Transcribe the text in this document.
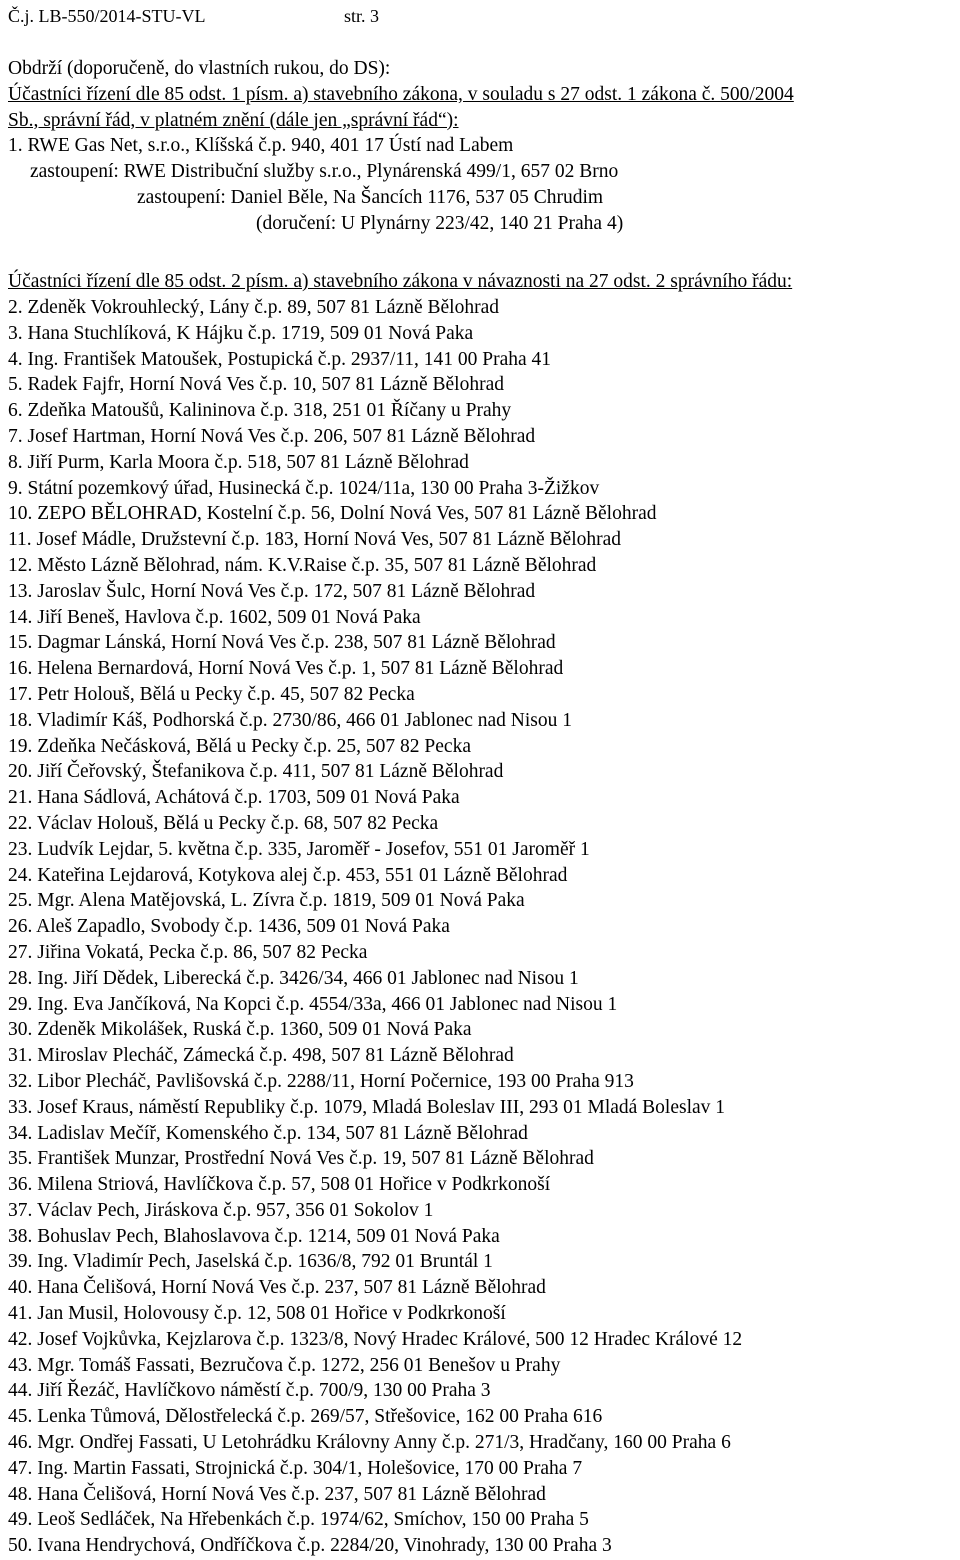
Č.j. LB-550/2014-STU-VL	str. 3
Obdrží (doporučeně, do vlastních rukou, do DS):
Účastníci řízení dle 85 odst. 1 písm. a) stavebního zákona, v souladu s 27 odst. 1 zákona č. 500/2004
Sb., správní řád, v platném znění (dále jen „správní řád“):
1. RWE Gas Net, s.r.o., Klíšská č.p. 940, 401 17 Ústí nad Labem
zastoupení: RWE Distribuční služby s.r.o., Plynárenská 499/1, 657 02 Brno
zastoupení: Daniel Běle, Na Šancích 1176, 537 05 Chrudim
(doručení: U Plynárny 223/42, 140 21 Praha 4)
Účastníci řízení dle 85 odst. 2 písm. a) stavebního zákona v návaznosti na 27 odst. 2 správního řádu:
2. Zdeněk Vokrouhlecký, Lány č.p. 89, 507 81 Lázně Bělohrad
3. Hana Stuchlíková, K Hájku č.p. 1719, 509 01 Nová Paka
4. Ing. František Matoušek, Postupická č.p. 2937/11, 141 00 Praha 41
5. Radek Fajfr, Horní Nová Ves č.p. 10, 507 81 Lázně Bělohrad
6. Zdeňka Matoušů, Kalininova č.p. 318, 251 01 Říčany u Prahy
7. Josef Hartman, Horní Nová Ves č.p. 206, 507 81 Lázně Bělohrad
8. Jiří Purm, Karla Moora č.p. 518, 507 81 Lázně Bělohrad
9. Státní pozemkový úřad, Husinecká č.p. 1024/11a, 130 00 Praha 3-Žižkov
10. ZEPO BĚLOHRAD, Kostelní č.p. 56, Dolní Nová Ves, 507 81 Lázně Bělohrad
11. Josef Mádle, Družstevní č.p. 183, Horní Nová Ves, 507 81 Lázně Bělohrad
12. Město Lázně Bělohrad, nám. K.V.Raise č.p. 35, 507 81 Lázně Bělohrad
13. Jaroslav Šulc, Horní Nová Ves č.p. 172, 507 81 Lázně Bělohrad
14. Jiří Beneš, Havlova č.p. 1602, 509 01 Nová Paka
15. Dagmar Lánská, Horní Nová Ves č.p. 238, 507 81 Lázně Bělohrad
16. Helena Bernardová, Horní Nová Ves č.p. 1, 507 81 Lázně Bělohrad
17. Petr Holouš, Bělá u Pecky č.p. 45, 507 82 Pecka
18. Vladimír Káš, Podhorská č.p. 2730/86, 466 01 Jablonec nad Nisou 1
19. Zdeňka Nečásková, Bělá u Pecky č.p. 25, 507 82 Pecka
20. Jiří Čeřovský, Štefanikova č.p. 411, 507 81 Lázně Bělohrad
21. Hana Sádlová, Achátová č.p. 1703, 509 01 Nová Paka
22. Václav Holouš, Bělá u Pecky č.p. 68, 507 82 Pecka
23. Ludvík Lejdar, 5. května č.p. 335, Jaroměř - Josefov, 551 01 Jaroměř 1
24. Kateřina Lejdarová, Kotykova alej č.p. 453, 551 01 Lázně Bělohrad
25. Mgr. Alena Matějovská, L. Zívra č.p. 1819, 509 01 Nová Paka
26. Aleš Zapadlo, Svobody č.p. 1436, 509 01 Nová Paka
27. Jiřina Vokatá, Pecka č.p. 86, 507 82 Pecka
28. Ing. Jiří Dědek, Liberecká č.p. 3426/34, 466 01 Jablonec nad Nisou 1
29. Ing. Eva Jančíková, Na Kopci č.p. 4554/33a, 466 01 Jablonec nad Nisou 1
30. Zdeněk Mikolášek, Ruská č.p. 1360, 509 01 Nová Paka
31. Miroslav Plecháč, Zámecká č.p. 498, 507 81 Lázně Bělohrad
32. Libor Plecháč, Pavlišovská č.p. 2288/11, Horní Počernice, 193 00 Praha 913
33. Josef Kraus, náměstí Republiky č.p. 1079, Mladá Boleslav III, 293 01 Mladá Boleslav 1
34. Ladislav Mečíř, Komenského č.p. 134, 507 81 Lázně Bělohrad
35. František Munzar, Prostřední Nová Ves č.p. 19, 507 81 Lázně Bělohrad
36. Milena Striová, Havlíčkova č.p. 57, 508 01 Hořice v Podkrkonoší
37. Václav Pech, Jiráskova č.p. 957, 356 01 Sokolov 1
38. Bohuslav Pech, Blahoslavova č.p. 1214, 509 01 Nová Paka
39. Ing. Vladimír Pech, Jaselská č.p. 1636/8, 792 01 Bruntál 1
40. Hana Čelišová, Horní Nová Ves č.p. 237, 507 81 Lázně Bělohrad
41. Jan Musil, Holovousy č.p. 12, 508 01 Hořice v Podkrkonoší
42. Josef Vojkůvka, Kejzlarova č.p. 1323/8, Nový Hradec Králové, 500 12 Hradec Králové 12
43. Mgr. Tomáš Fassati, Bezručova č.p. 1272, 256 01 Benešov u Prahy
44. Jiří Řezáč, Havlíčkovo náměstí č.p. 700/9, 130 00 Praha 3
45. Lenka Tůmová, Dělostřelecká č.p. 269/57, Střešovice, 162 00 Praha 616
46. Mgr. Ondřej Fassati, U Letohrádku Královny Anny č.p. 271/3, Hradčany, 160 00 Praha 6
47. Ing. Martin Fassati, Strojnická č.p. 304/1, Holešovice, 170 00 Praha 7
48. Hana Čelišová, Horní Nová Ves č.p. 237, 507 81 Lázně Bělohrad
49. Leoš Sedláček, Na Hřebenkách č.p. 1974/62, Smíchov, 150 00 Praha 5
50. Ivana Hendrychová, Ondříčkova č.p. 2284/20, Vinohrady, 130 00 Praha 3
